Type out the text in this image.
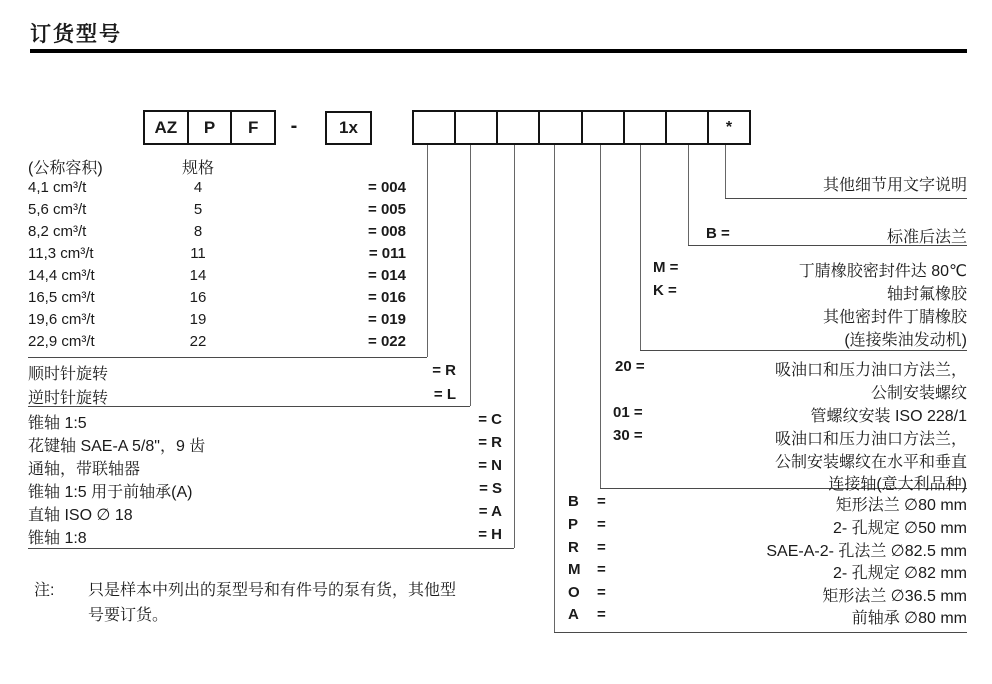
订货型号
AZ	P	F	-	1x	*
(公称容积)	规格
4,1 cm³/t	4	= 004
5,6 cm³/t	5	= 005
8,2 cm³/t	8	= 008
11,3 cm³/t	11	= 011
14,4 cm³/t	14	= 014
16,5 cm³/t	16	= 016
19,6 cm³/t	19	= 019
22,9 cm³/t	22	= 022
顺时针旋转	= R
逆时针旋转	= L
锥轴 1:5	= C
花键轴 SAE-A 5/8"，9 齿	= R
通轴，带联轴器	= N
锥轴 1:5 用于前轴承(A)	= S
直轴 ISO ∅ 18	= A
锥轴 1:8	= H
其他细节用文字说明
B =	标准后法兰
M =	丁腈橡胶密封件达 80℃
K =	轴封氟橡胶
其他密封件丁腈橡胶
(连接柴油发动机)
20 =	吸油口和压力油口方法兰，
公制安装螺纹
01 =	管螺纹安装 ISO 228/1
30 =	吸油口和压力油口方法兰，
公制安装螺纹在水平和垂直
连接轴(意大利品种)
B =	矩形法兰 ∅80 mm
P =	2- 孔规定 ∅50 mm
R =	SAE-A-2- 孔法兰 ∅82.5 mm
M =	2- 孔规定 ∅82 mm
O =	矩形法兰 ∅36.5 mm
A =	前轴承 ∅80 mm
注: 只是样本中列出的泵型号和有件号的泵有货，其他型
号要订货。
